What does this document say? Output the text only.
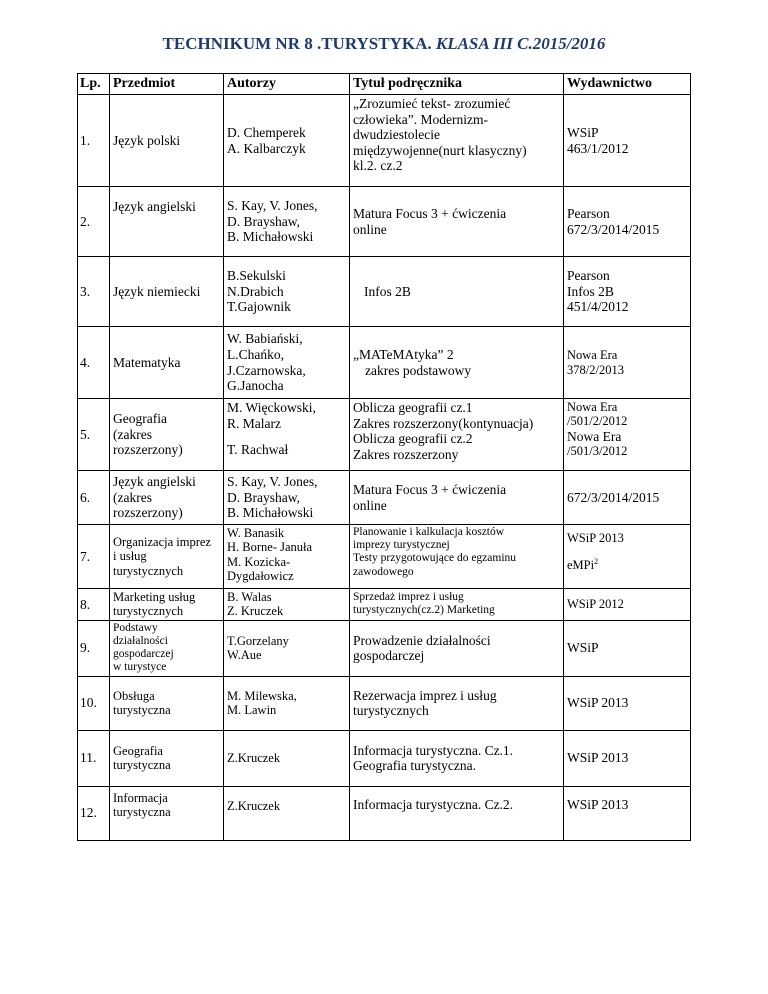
TECHNIKUM NR 8 .TURYSTYKA. KLASA III C.2015/2016
Lp.	Przedmiot	Autorzy	Tytuł podręcznika	Wydawnictwo
1.	Język polski	D. Chemperek
A. Kalbarczyk	„Zrozumieć tekst- zrozumieć
człowieka”. Modernizm-
dwudziestolecie
międzywojenne(nurt klasyczny)
kl.2. cz.2	WSiP
463/1/2012

2.	Język angielski	S. Kay, V. Jones,
D. Brayshaw,
B. Michałowski	Matura Focus 3 + ćwiczenia
online	Pearson
672/3/2014/2015

3.	Język niemiecki	B.Sekulski
N.Drabich
T.Gajownik	Infos 2B	Pearson
Infos 2B
451/4/2012

4.	Matematyka	W. Babiański,
L.Chańko,
J.Czarnowska,
G.Janocha	„MATeMAtyka” 2
zakres podstawowy	Nowa Era
378/2/2013

5.	Geografia
(zakres
rozszerzony)	M. Więckowski,
R. Malarz
T. Rachwał	Oblicza geografii cz.1
Zakres rozszerzony(kontynuacja)
Oblicza geografii cz.2
Zakres rozszerzony	Nowa Era
/501/2/2012
Nowa Era
/501/3/2012

6.	Język angielski
(zakres
rozszerzony)	S. Kay, V. Jones,
D. Brayshaw,
B. Michałowski	Matura Focus 3 + ćwiczenia
online	672/3/2014/2015
7.	Organizacja imprez
i usług
turystycznych	W. Banasik
H. Borne- Januła
M. Kozicka-
Dygdałowicz	Planowanie i kalkulacja kosztów
imprezy turystycznej
Testy przygotowujące do egzaminu
zawodowego	WSiP 2013
eMPi$^2$

8.	Marketing usług
turystycznych	B. Walas
Z. Kruczek	Sprzedaż imprez i usług
turystycznych(cz.2) Marketing	WSiP 2012
9.	Podstawy
działalności
gospodarczej
w turystyce	T.Gorzelany
W.Aue	Prowadzenie działalności
gospodarczej	WSiP
10.	Obsługa
turystyczna	M. Milewska,
M. Lawin	Rezerwacja imprez i usług
turystycznych	WSiP 2013
11.	Geografia
turystyczna	Z.Kruczek	Informacja turystyczna. Cz.1.
Geografia turystyczna.	WSiP 2013
12.	Informacja
turystyczna	Z.Kruczek	Informacja turystyczna. Cz.2.	WSiP 2013
